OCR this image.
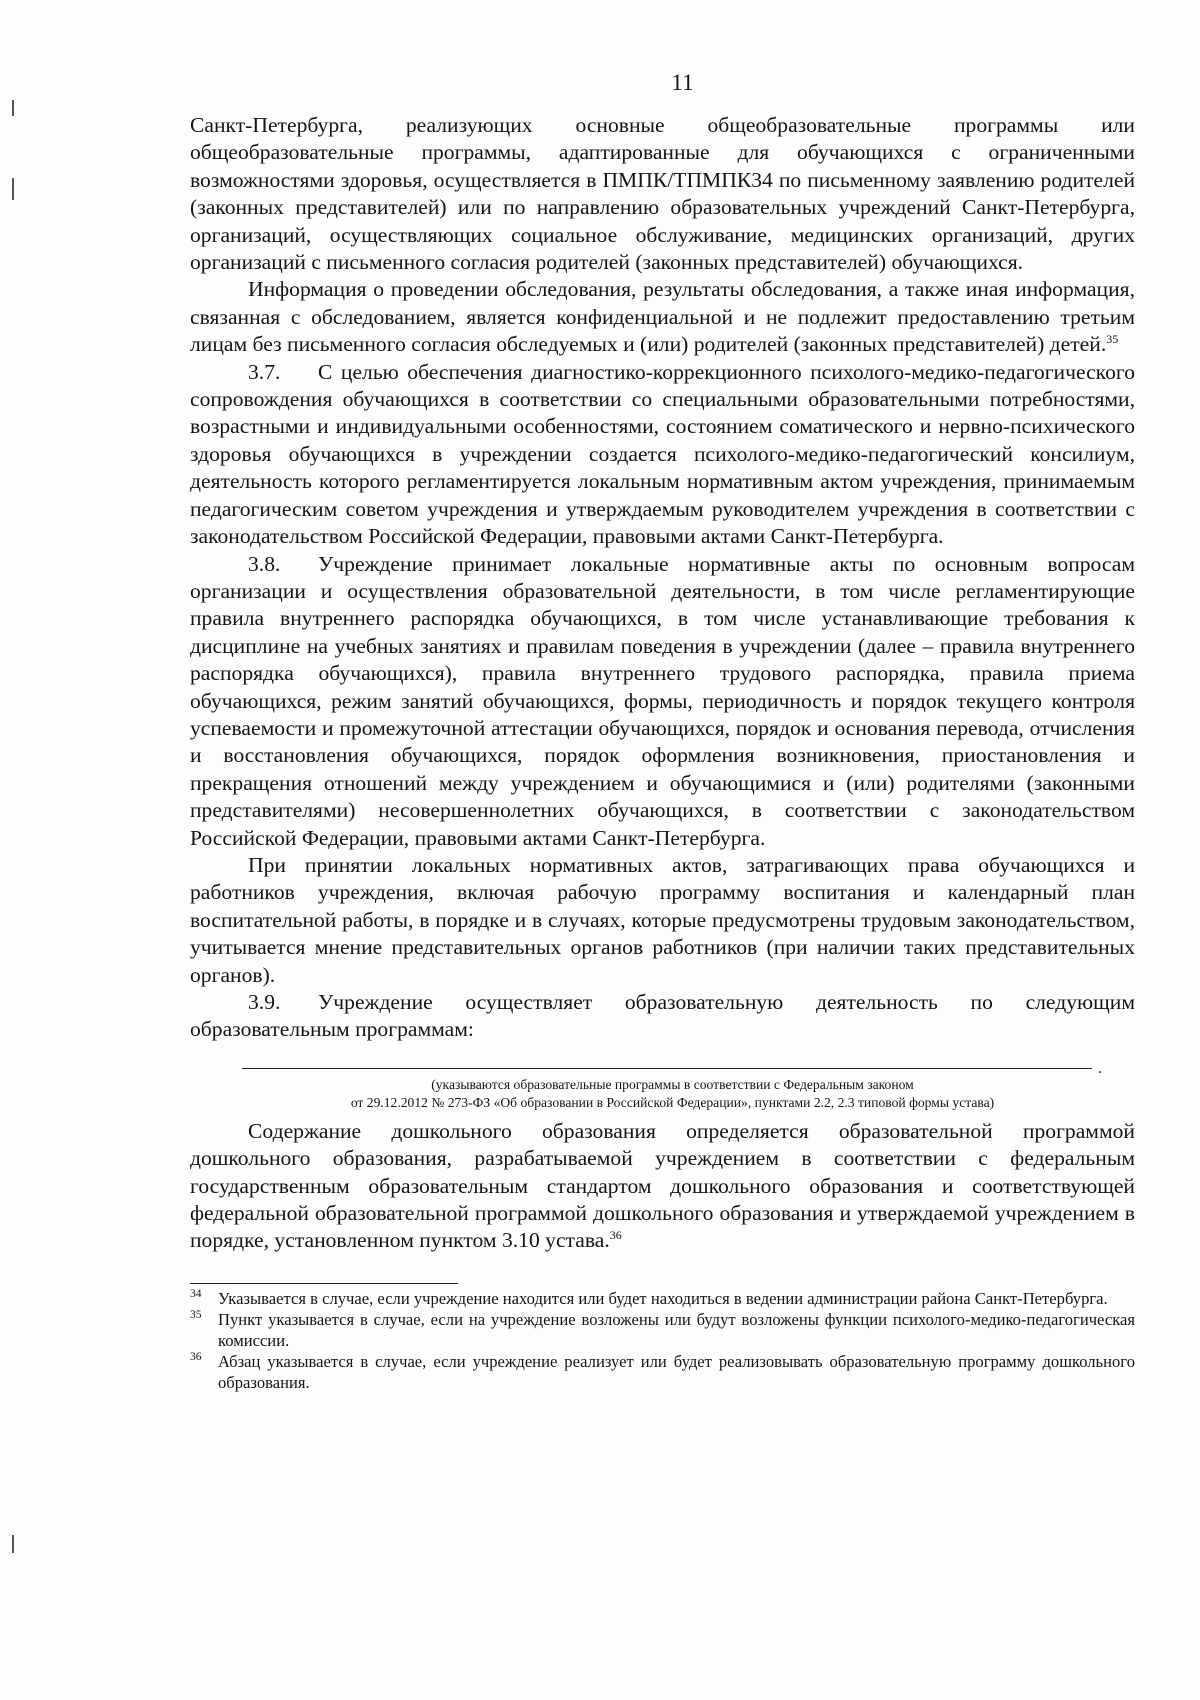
11

Санкт-Петербурга, реализующих основные общеобразовательные программы или общеобразовательные программы, адаптированные для обучающихся с ограниченными возможностями здоровья, осуществляется в ПМПК/ТПМПК34 по письменному заявлению родителей (законных представителей) или по направлению образовательных учреждений Санкт-Петербурга, организаций, осуществляющих социальное обслуживание, медицинских организаций, других организаций с письменного согласия родителей (законных представителей) обучающихся.

Информация о проведении обследования, результаты обследования, а также иная информация, связанная с обследованием, является конфиденциальной и не подлежит предоставлению третьим лицам без письменного согласия обследуемых и (или) родителей (законных представителей) детей.$^{35}$

3.7. С целью обеспечения диагностико-коррекционного психолого-медико-педагогического сопровождения обучающихся в соответствии со специальными образовательными потребностями, возрастными и индивидуальными особенностями, состоянием соматического и нервно-психического здоровья обучающихся в учреждении создается психолого-медико-педагогический консилиум, деятельность которого регламентируется локальным нормативным актом учреждения, принимаемым педагогическим советом учреждения и утверждаемым руководителем учреждения в соответствии с законодательством Российской Федерации, правовыми актами Санкт-Петербурга.

3.8. Учреждение принимает локальные нормативные акты по основным вопросам организации и осуществления образовательной деятельности, в том числе регламентирующие правила внутреннего распорядка обучающихся, в том числе устанавливающие требования к дисциплине на учебных занятиях и правилам поведения в учреждении (далее – правила внутреннего распорядка обучающихся), правила внутреннего трудового распорядка, правила приема обучающихся, режим занятий обучающихся, формы, периодичность и порядок текущего контроля успеваемости и промежуточной аттестации обучающихся, порядок и основания перевода, отчисления и восстановления обучающихся, порядок оформления возникновения, приостановления и прекращения отношений между учреждением и обучающимися и (или) родителями (законными представителями) несовершеннолетних обучающихся, в соответствии с законодательством Российской Федерации, правовыми актами Санкт-Петербурга.

При принятии локальных нормативных актов, затрагивающих права обучающихся и работников учреждения, включая рабочую программу воспитания и календарный план воспитательной работы, в порядке и в случаях, которые предусмотрены трудовым законодательством, учитывается мнение представительных органов работников (при наличии таких представительных органов).

3.9. Учреждение осуществляет образовательную деятельность по следующим образовательным программам:

.
(указываются образовательные программы в соответствии с Федеральным законом
от 29.12.2012 № 273-ФЗ «Об образовании в Российской Федерации», пунктами 2.2, 2.3 типовой формы устава)

Содержание дошкольного образования определяется образовательной программой дошкольного образования, разрабатываемой учреждением в соответствии с федеральным государственным образовательным стандартом дошкольного образования и соответствующей федеральной образовательной программой дошкольного образования и утверждаемой учреждением в порядке, установленном пунктом 3.10 устава.$^{36}$

34 Указывается в случае, если учреждение находится или будет находиться в ведении администрации района Санкт-Петербурга.
35 Пункт указывается в случае, если на учреждение возложены или будут возложены функции психолого-медико-педагогическая комиссии.
36 Абзац указывается в случае, если учреждение реализует или будет реализовывать образовательную программу дошкольного образования.
